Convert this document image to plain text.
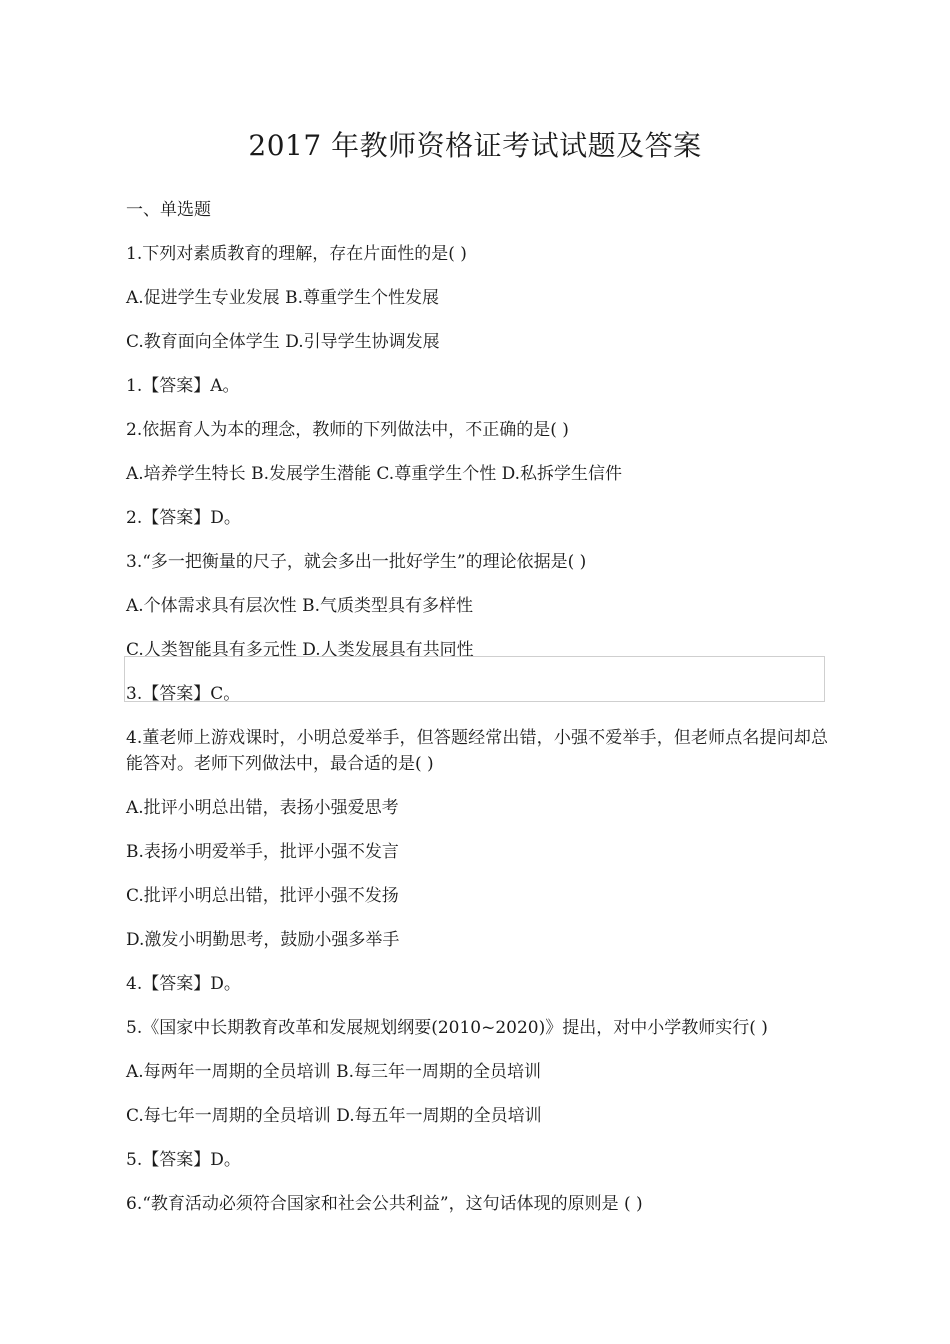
2017 年教师资格证考试试题及答案
一、单选题
1.下列对素质教育的理解，存在片面性的是( )
A.促进学生专业发展 B.尊重学生个性发展
C.教育面向全体学生 D.引导学生协调发展
1.【答案】A。
2.依据育人为本的理念，教师的下列做法中，不正确的是( )
A.培养学生特长 B.发展学生潜能 C.尊重学生个性 D.私拆学生信件
2.【答案】D。
3.“多一把衡量的尺子，就会多出一批好学生”的理论依据是( )
A.个体需求具有层次性 B.气质类型具有多样性
C.人类智能具有多元性 D.人类发展具有共同性
3.【答案】C。
4.董老师上游戏课时，小明总爱举手，但答题经常出错，小强不爱举手，但老师点名提问却总能答对。老师下列做法中，最合适的是( )
A.批评小明总出错，表扬小强爱思考
B.表扬小明爱举手，批评小强不发言
C.批评小明总出错，批评小强不发扬
D.激发小明勤思考，鼓励小强多举手
4.【答案】D。
5.《国家中长期教育改革和发展规划纲要(2010~2020)》提出，对中小学教师实行( )
A.每两年一周期的全员培训 B.每三年一周期的全员培训
C.每七年一周期的全员培训 D.每五年一周期的全员培训
5.【答案】D。
6.“教育活动必须符合国家和社会公共利益”，这句话体现的原则是 ( )
